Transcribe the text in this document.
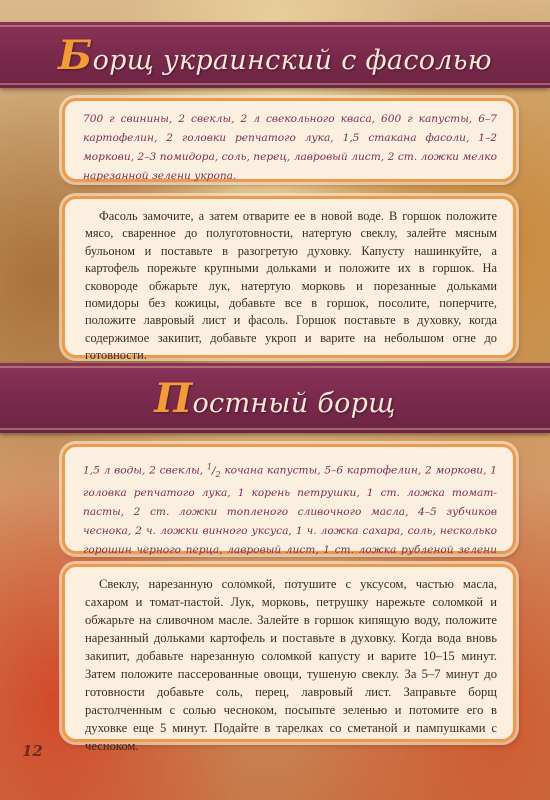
Борщ украинский с фасолью
700 г свинины, 2 свеклы, 2 л свекольного кваса, 600 г капусты, 6–7 картофелин, 2 головки репчатого лука, 1,5 стакана фасоли, 1–2 моркови, 2–3 помидора, соль, перец, лавровый лист, 2 ст. ложки мелко нарезанной зелени укропа.
Фасоль замочите, а затем отварите ее в новой воде. В горшок положите мясо, сваренное до полуготовности, натертую свеклу, залейте мясным бульоном и поставьте в разогретую духовку. Капусту нашинкуйте, а картофель порежьте крупными дольками и положите их в горшок. На сковороде обжарьте лук, натертую морковь и порезанные дольками помидоры без кожицы, добавьте все в горшок, посолите, поперчите, положите лавровый лист и фасоль. Горшок поставьте в духовку, когда содержимое закипит, добавьте укроп и варите на небольшом огне до готовности.
Постный борщ
1,5 л воды, 2 свеклы, $^1/_2$ кочана капусты, 5–6 картофелин, 2 моркови, 1 головка репчатого лука, 1 корень петрушки, 1 ст. ложка томат-пасты, 2 ст. ложки топленого сливочного масла, 4–5 зубчиков чеснока, 2 ч. ложки винного уксуса, 1 ч. ложка сахара, соль, несколько горошин черного перца, лавровый лист, 1 ст. ложка рубленой зелени
Свеклу, нарезанную соломкой, потушите с уксусом, частью масла, сахаром и томат-пастой. Лук, морковь, петрушку нарежьте соломкой и обжарьте на сливочном масле. Залейте в горшок кипящую воду, положите нарезанный дольками картофель и поставьте в духовку. Когда вода вновь закипит, добавьте нарезанную соломкой капусту и варите 10–15 минут. Затем положите пассерованные овощи, тушеную свеклу. За 5–7 минут до готовности добавьте соль, перец, лавровый лист. Заправьте борщ растолченным с солью чесноком, посыпьте зеленью и потомите его в духовке еще 5 минут. Подайте в тарелках со сметаной и пампушками с чесноком.
12
